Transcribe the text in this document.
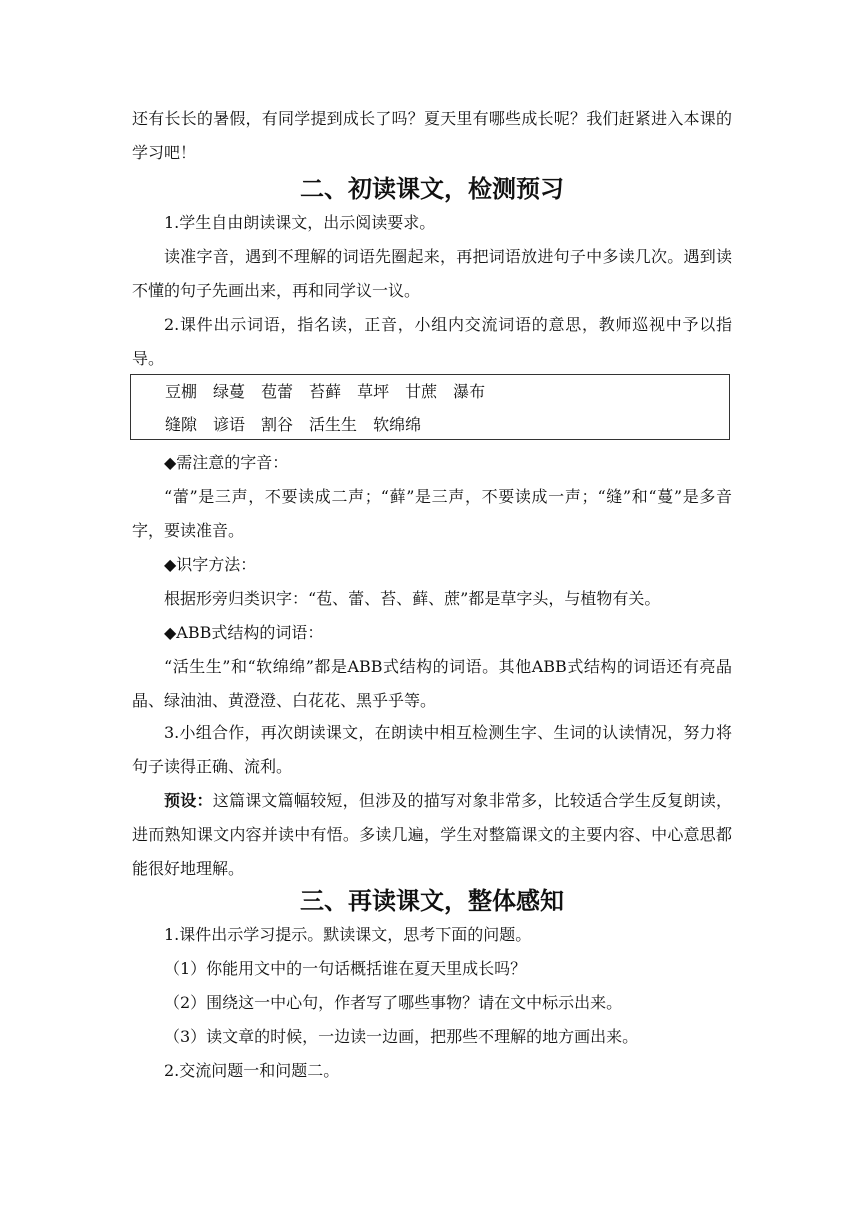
还有长长的暑假，有同学提到成长了吗？夏天里有哪些成长呢？我们赶紧进入本课的学习吧！

二、初读课文，检测预习

1.学生自由朗读课文，出示阅读要求。

读准字音，遇到不理解的词语先圈起来，再把词语放进句子中多读几次。遇到读不懂的句子先画出来，再和同学议一议。

2.课件出示词语，指名读，正音，小组内交流词语的意思，教师巡视中予以指导。

豆棚 绿蔓 苞蕾 苔藓 草坪 甘蔗 瀑布
缝隙 谚语 割谷 活生生 软绵绵

◆需注意的字音：

“蕾”是三声，不要读成二声；“藓”是三声，不要读成一声；“缝”和“蔓”是多音字，要读准音。

◆识字方法：

根据形旁归类识字：“苞、蕾、苔、藓、蔗”都是草字头，与植物有关。

◆ABB式结构的词语：

“活生生”和“软绵绵”都是ABB式结构的词语。其他ABB式结构的词语还有亮晶晶、绿油油、黄澄澄、白花花、黑乎乎等。

3.小组合作，再次朗读课文，在朗读中相互检测生字、生词的认读情况，努力将句子读得正确、流利。

预设：这篇课文篇幅较短，但涉及的描写对象非常多，比较适合学生反复朗读，进而熟知课文内容并读中有悟。多读几遍，学生对整篇课文的主要内容、中心意思都能很好地理解。

三、再读课文，整体感知

1.课件出示学习提示。默读课文，思考下面的问题。

（1）你能用文中的一句话概括谁在夏天里成长吗？

（2）围绕这一中心句，作者写了哪些事物？请在文中标示出来。

（3）读文章的时候，一边读一边画，把那些不理解的地方画出来。

2.交流问题一和问题二。
